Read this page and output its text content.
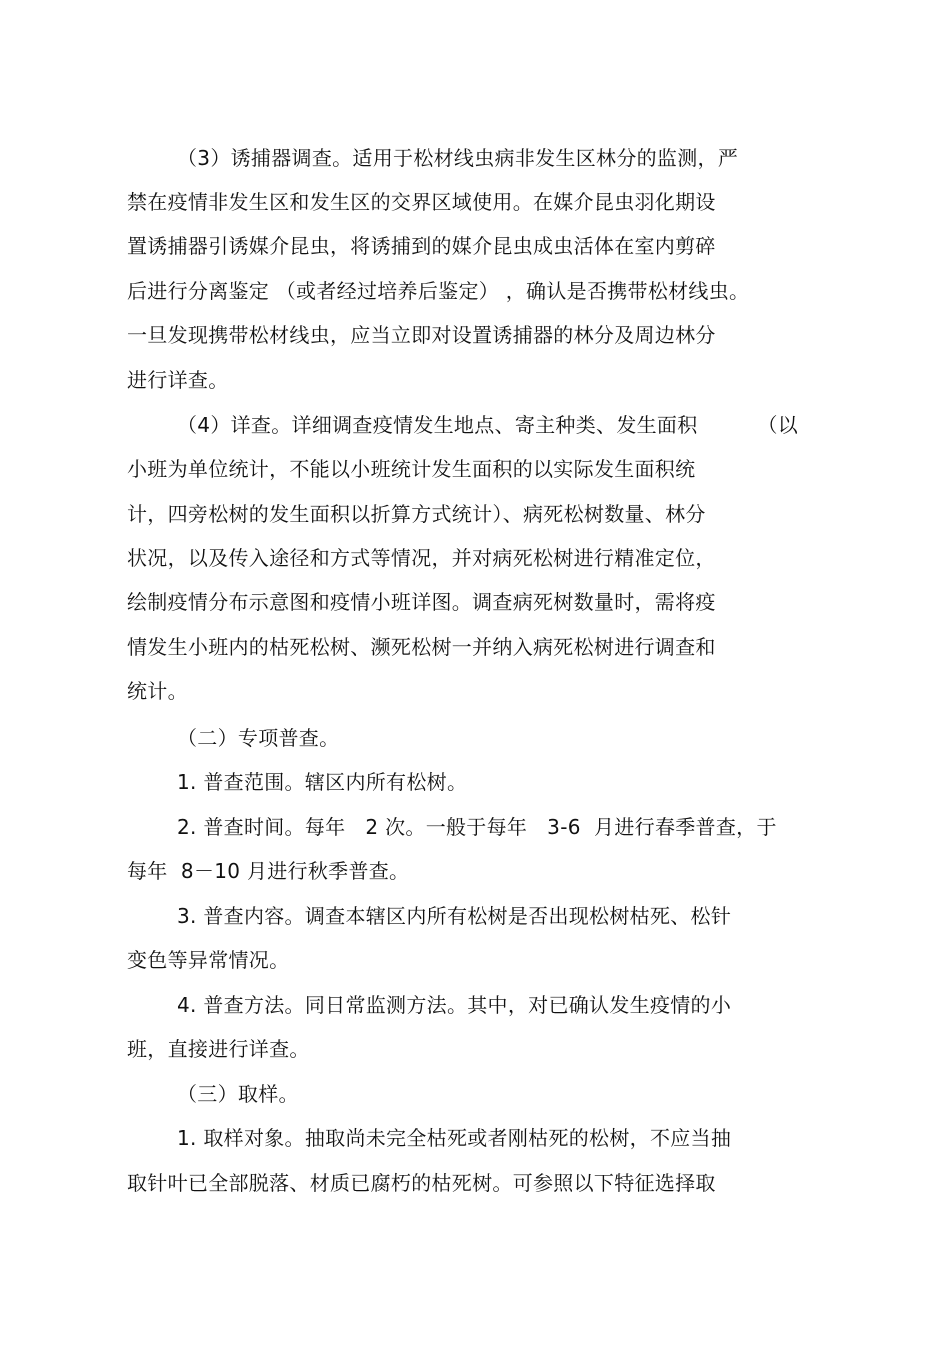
（3）诱捕器调查。适用于松材线虫病非发生区林分的监测，严
禁在疫情非发生区和发生区的交界区域使用。在媒介昆虫羽化期设
置诱捕器引诱媒介昆虫，将诱捕到的媒介昆虫成虫活体在室内剪碎
后进行分离鉴定 （或者经过培养后鉴定） ，确认是否携带松材线虫。
一旦发现携带松材线虫，应当立即对设置诱捕器的林分及周边林分
进行详查。
（4）详查。详细调查疫情发生地点、寄主种类、发生面积         （以
小班为单位统计，不能以小班统计发生面积的以实际发生面积统
计，四旁松树的发生面积以折算方式统计）、病死松树数量、林分
状况，以及传入途径和方式等情况，并对病死松树进行精准定位，
绘制疫情分布示意图和疫情小班详图。调查病死树数量时，需将疫
情发生小班内的枯死松树、濒死松树一并纳入病死松树进行调查和
统计。
（二）专项普查。
1. 普查范围。辖区内所有松树。
2. 普查时间。每年   2 次。一般于每年   3-6  月进行春季普查，于
每年  8－10 月进行秋季普查。
3. 普查内容。调查本辖区内所有松树是否出现松树枯死、松针
变色等异常情况。
4. 普查方法。同日常监测方法。其中，对已确认发生疫情的小
班，直接进行详查。
（三）取样。
1. 取样对象。抽取尚未完全枯死或者刚枯死的松树，不应当抽
取针叶已全部脱落、材质已腐朽的枯死树。可参照以下特征选择取
